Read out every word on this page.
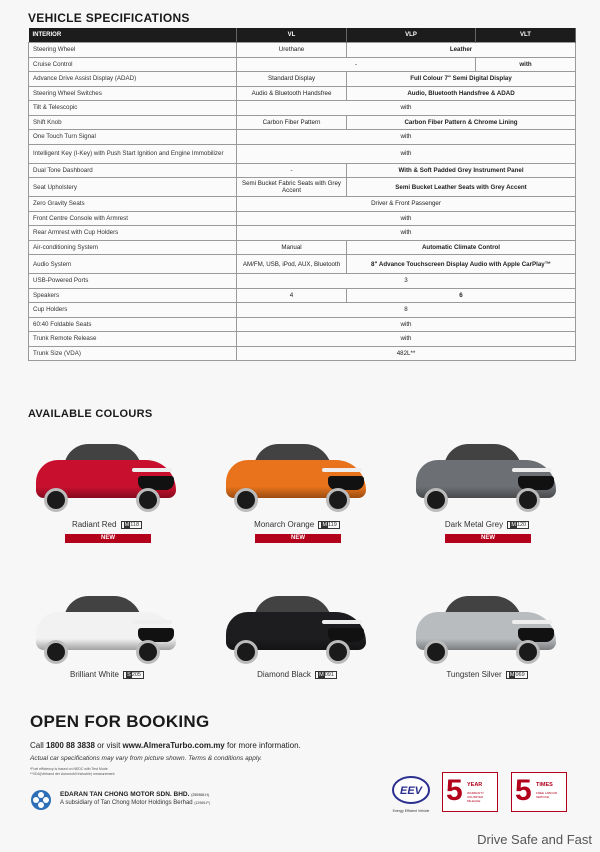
VEHICLE SPECIFICATIONS
INTERIOR	VL	VLP	VLT
Steering Wheel	Urethane	Leather	
Cruise Control	-		with
Advance Drive Assist Display (ADAD)	Standard Display	Full Colour 7" Semi Digital Display	
Steering Wheel Switches	Audio & Bluetooth Handsfree	Audio, Bluetooth Handsfree & ADAD	
Tilt & Telescopic	with		
Shift Knob	Carbon Fiber Pattern	Carbon Fiber Pattern & Chrome Lining	
One Touch Turn Signal	with		
Intelligent Key (I-Key) with Push Start Ignition and Engine Immobilizer	with		
Dual Tone Dashboard	-	With & Soft Padded Grey Instrument Panel	
Seat Upholstery	Semi Bucket Fabric Seats with Grey Accent	Semi Bucket Leather Seats with Grey Accent	
Zero Gravity Seats	Driver & Front Passenger		
Front Centre Console with Armrest	with		
Rear Armrest with Cup Holders	with		
Air-conditioning System	Manual	Automatic Climate Control	
Audio System	AM/FM, USB, iPod, AUX, Bluetooth	8" Advance Touchscreen Display Audio with Apple CarPlay™	
USB-Powered Ports	3		
Speakers	4	6	
Cup Holders	8		
60:40 Foldable Seats	with		
Trunk Remote Release	with		
Trunk Size (VDA)	482L**		
AVAILABLE COLOURS
Radiant Red M118
NEW
Monarch Orange M119
NEW
Dark Metal Grey M120
NEW
Brilliant White S205	Diamond Black M091	Tungsten Silver M069
OPEN FOR BOOKING
Call 1800 88 3838 or visit www.AlmeraTurbo.com.my for more information.
Actual car specifications may vary from picture shown. Terms & conditions apply.
*Fuel efficiency is based on NEDC with Test Mode
**VDA(Verband der Automobil Industrie) measurement
EDARAN TAN CHONG MOTOR SDN. BHD. (250968-H)
A subsidiary of Tan Chong Motor Holdings Berhad (12969-P)
EEV
Energy Efficient Vehicle
5 YEAR
WARRANTY UNLIMITED MILEAGE	5 TIMES
FREE LABOUR SERVICE
Drive Safe and Fast
